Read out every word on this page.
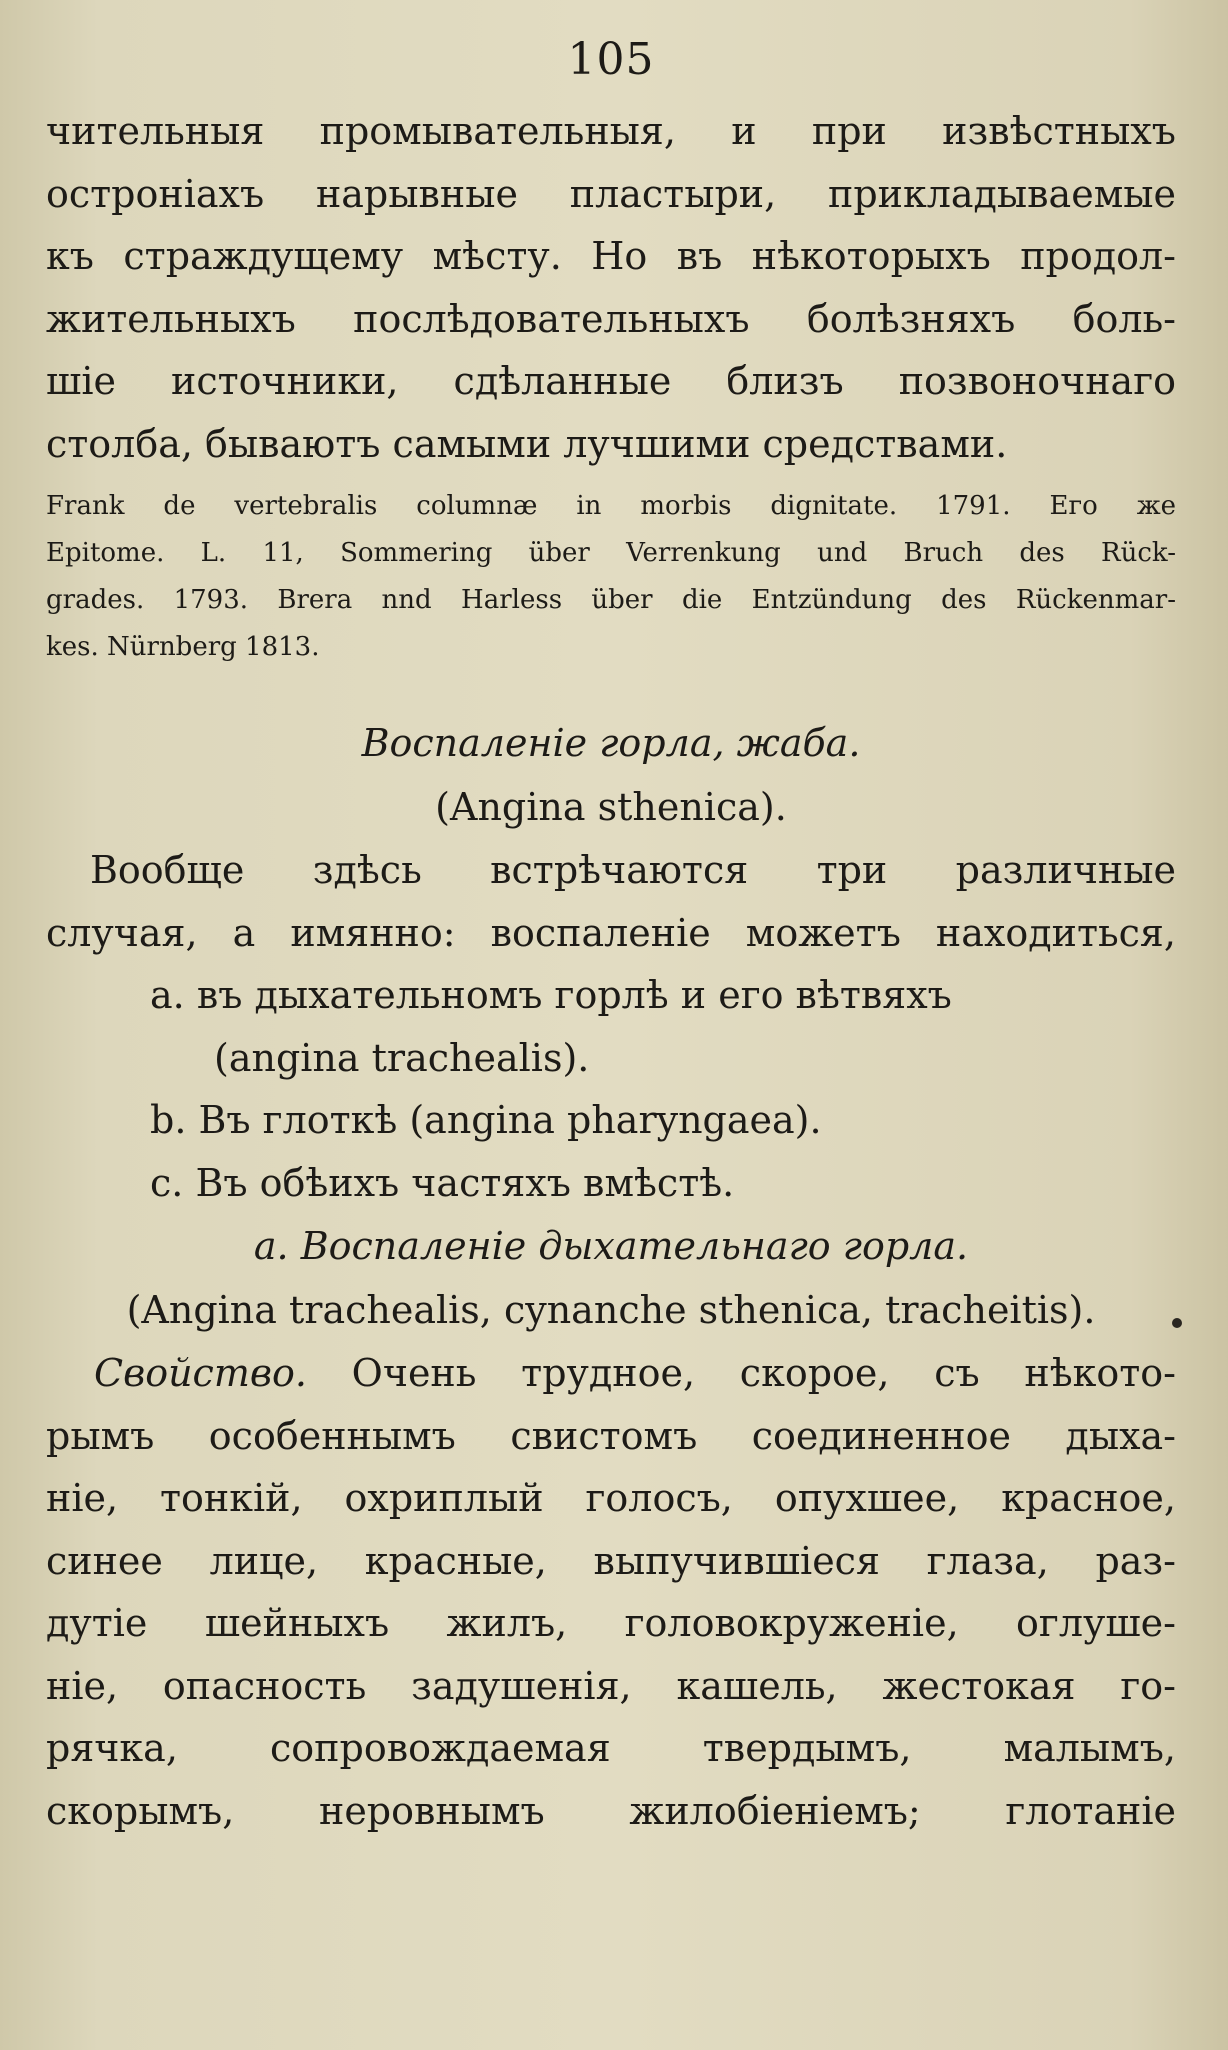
105
чительныя промывательныя, и при извѣстныхъ
остронiахъ нарывные пластыри, прикладываемые
къ страждущему мѣсту. Но въ нѣкоторыхъ продол-
жительныхъ послѣдовательныхъ болѣзняхъ боль-
шiе источники, сдѣланные близъ позвоночнаго
столба, бываютъ самыми лучшими средствами.
Frank de vertebralis columnæ in morbis dignitate. 1791. Его же
Epitome. L. 11, Sommering über Verrenkung und Bruch des Rück-
grades. 1793. Brera nnd Harless über die Entzündung des Rückenmar-
kes. Nürnberg 1813.
Воспаленiе горла, жаба.
(Angina sthenica).
Вообще здѣсь встрѣчаются три различные
случая, а имянно: воспаленiе можетъ находиться,
a. въ дыхательномъ горлѣ и его вѣтвяхъ
(angina trachealis).
b. Въ глоткѣ (angina pharyngaea).
c. Въ обѣихъ частяхъ вмѣстѣ.
a. Воспаленiе дыхательнаго горла.
(Angina trachealis, cynanche sthenica, tracheitis).
Свойство. Очень трудное, скорое, съ нѣкото-
рымъ особеннымъ свистомъ соединенное дыха-
нiе, тонкiй, охриплый голосъ, опухшее, красное,
синее лице, красные, выпучившiеся глаза, раз-
дутiе шейныхъ жилъ, головокруженiе, оглуше-
нiе, опасность задушенiя, кашель, жестокая го-
рячка, сопровождаемая твердымъ, малымъ,
скорымъ, неровнымъ жилобiенiемъ; глотанiе
